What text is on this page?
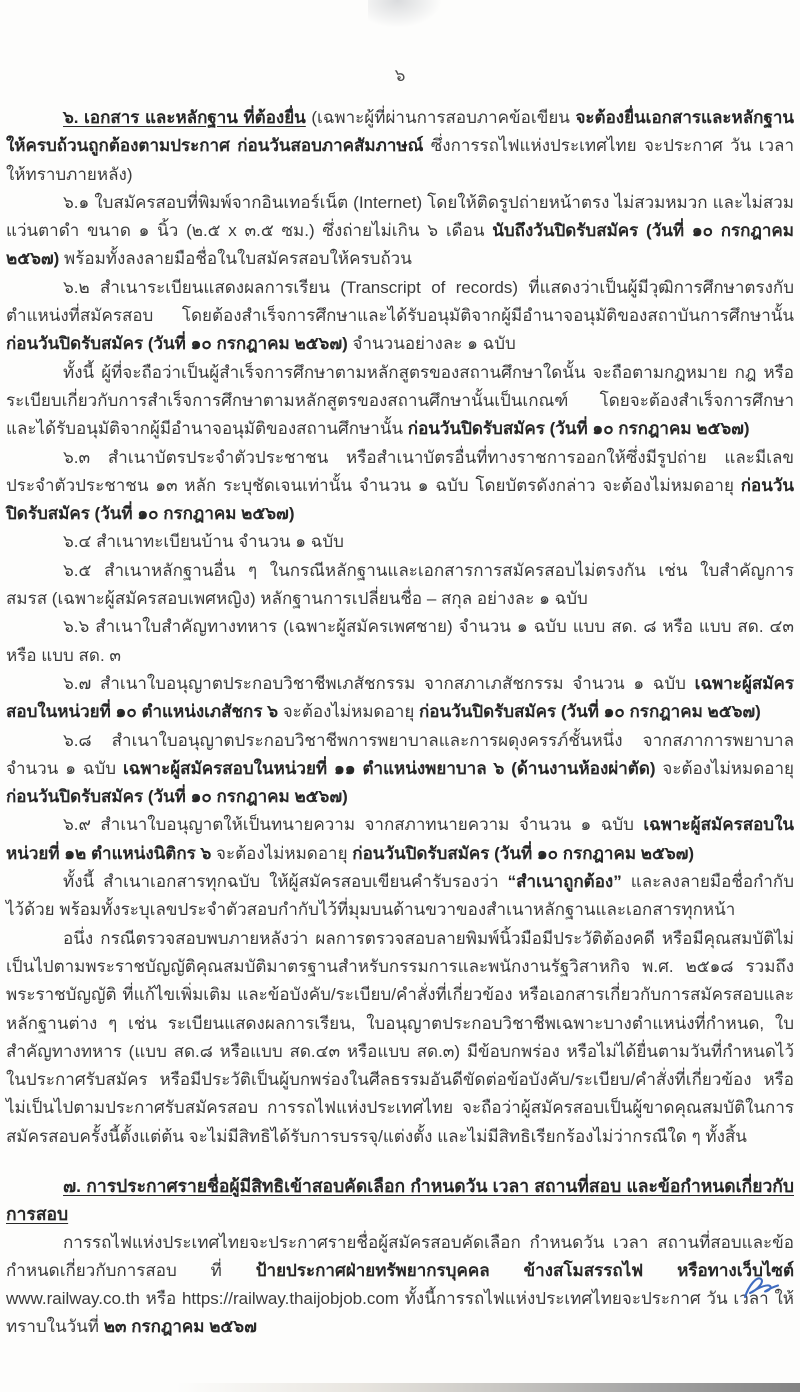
๖

๖. เอกสาร และหลักฐาน ที่ต้องยื่น (เฉพาะผู้ที่ผ่านการสอบภาคข้อเขียน จะต้องยื่นเอกสารและหลักฐานให้ครบถ้วนถูกต้องตามประกาศ ก่อนวันสอบภาคสัมภาษณ์ ซึ่งการรถไฟแห่งประเทศไทย จะประกาศ วัน เวลา ให้ทราบภายหลัง)

๖.๑ ใบสมัครสอบที่พิมพ์จากอินเทอร์เน็ต (Internet) โดยให้ติดรูปถ่ายหน้าตรง ไม่สวมหมวก และไม่สวมแว่นตาดำ ขนาด ๑ นิ้ว (๒.๕ x ๓.๕ ซม.) ซึ่งถ่ายไม่เกิน ๖ เดือน นับถึงวันปิดรับสมัคร (วันที่ ๑๐ กรกฎาคม ๒๕๖๗) พร้อมทั้งลงลายมือชื่อในใบสมัครสอบให้ครบถ้วน

๖.๒ สำเนาระเบียนแสดงผลการเรียน (Transcript of records) ที่แสดงว่าเป็นผู้มีวุฒิการศึกษาตรงกับตำแหน่งที่สมัครสอบ โดยต้องสำเร็จการศึกษาและได้รับอนุมัติจากผู้มีอำนาจอนุมัติของสถาบันการศึกษานั้น ก่อนวันปิดรับสมัคร (วันที่ ๑๐ กรกฎาคม ๒๕๖๗) จำนวนอย่างละ ๑ ฉบับ

ทั้งนี้ ผู้ที่จะถือว่าเป็นผู้สำเร็จการศึกษาตามหลักสูตรของสถานศึกษาใดนั้น จะถือตามกฎหมาย กฎ หรือระเบียบเกี่ยวกับการสำเร็จการศึกษาตามหลักสูตรของสถานศึกษานั้นเป็นเกณฑ์ โดยจะต้องสำเร็จการศึกษาและได้รับอนุมัติจากผู้มีอำนาจอนุมัติของสถานศึกษานั้น ก่อนวันปิดรับสมัคร (วันที่ ๑๐ กรกฎาคม ๒๕๖๗)

๖.๓ สำเนาบัตรประจำตัวประชาชน หรือสำเนาบัตรอื่นที่ทางราชการออกให้ซึ่งมีรูปถ่าย และมีเลขประจำตัวประชาชน ๑๓ หลัก ระบุชัดเจนเท่านั้น จำนวน ๑ ฉบับ โดยบัตรดังกล่าว จะต้องไม่หมดอายุ ก่อนวันปิดรับสมัคร (วันที่ ๑๐ กรกฎาคม ๒๕๖๗)

๖.๔ สำเนาทะเบียนบ้าน จำนวน ๑ ฉบับ

๖.๕ สำเนาหลักฐานอื่น ๆ ในกรณีหลักฐานและเอกสารการสมัครสอบไม่ตรงกัน เช่น ใบสำคัญการสมรส (เฉพาะผู้สมัครสอบเพศหญิง) หลักฐานการเปลี่ยนชื่อ – สกุล อย่างละ ๑ ฉบับ

๖.๖ สำเนาใบสำคัญทางทหาร (เฉพาะผู้สมัครเพศชาย) จำนวน ๑ ฉบับ แบบ สด. ๘ หรือ แบบ สด. ๔๓ หรือ แบบ สด. ๓

๖.๗ สำเนาใบอนุญาตประกอบวิชาชีพเภสัชกรรม จากสภาเภสัชกรรม จำนวน ๑ ฉบับ เฉพาะผู้สมัครสอบในหน่วยที่ ๑๐ ตำแหน่งเภสัชกร ๖ จะต้องไม่หมดอายุ ก่อนวันปิดรับสมัคร (วันที่ ๑๐ กรกฎาคม ๒๕๖๗)

๖.๘ สำเนาใบอนุญาตประกอบวิชาชีพการพยาบาลและการผดุงครรภ์ชั้นหนึ่ง จากสภาการพยาบาล จำนวน ๑ ฉบับ เฉพาะผู้สมัครสอบในหน่วยที่ ๑๑ ตำแหน่งพยาบาล ๖ (ด้านงานห้องผ่าตัด) จะต้องไม่หมดอายุ ก่อนวันปิดรับสมัคร (วันที่ ๑๐ กรกฎาคม ๒๕๖๗)

๖.๙ สำเนาใบอนุญาตให้เป็นทนายความ จากสภาทนายความ จำนวน ๑ ฉบับ เฉพาะผู้สมัครสอบในหน่วยที่ ๑๒ ตำแหน่งนิติกร ๖ จะต้องไม่หมดอายุ ก่อนวันปิดรับสมัคร (วันที่ ๑๐ กรกฎาคม ๒๕๖๗)

ทั้งนี้ สำเนาเอกสารทุกฉบับ ให้ผู้สมัครสอบเขียนคำรับรองว่า “สำเนาถูกต้อง” และลงลายมือชื่อกำกับไว้ด้วย พร้อมทั้งระบุเลขประจำตัวสอบกำกับไว้ที่มุมบนด้านขวาของสำเนาหลักฐานและเอกสารทุกหน้า

อนึ่ง กรณีตรวจสอบพบภายหลังว่า ผลการตรวจสอบลายพิมพ์นิ้วมือมีประวัติต้องคดี หรือมีคุณสมบัติไม่เป็นไปตามพระราชบัญญัติคุณสมบัติมาตรฐานสำหรับกรรมการและพนักงานรัฐวิสาหกิจ พ.ศ. ๒๕๑๘ รวมถึงพระราชบัญญัติ ที่แก้ไขเพิ่มเติม และข้อบังคับ/ระเบียบ/คำสั่งที่เกี่ยวข้อง หรือเอกสารเกี่ยวกับการสมัครสอบและหลักฐานต่าง ๆ เช่น ระเบียนแสดงผลการเรียน, ใบอนุญาตประกอบวิชาชีพเฉพาะบางตำแหน่งที่กำหนด, ใบสำคัญทางทหาร (แบบ สด.๘ หรือแบบ สด.๔๓ หรือแบบ สด.๓) มีข้อบกพร่อง หรือไม่ได้ยื่นตามวันที่กำหนดไว้ในประกาศรับสมัคร หรือมีประวัติเป็นผู้บกพร่องในศีลธรรมอันดีขัดต่อข้อบังคับ/ระเบียบ/คำสั่งที่เกี่ยวข้อง หรือไม่เป็นไปตามประกาศรับสมัครสอบ การรถไฟแห่งประเทศไทย จะถือว่าผู้สมัครสอบเป็นผู้ขาดคุณสมบัติในการสมัครสอบครั้งนี้ตั้งแต่ต้น จะไม่มีสิทธิได้รับการบรรจุ/แต่งตั้ง และไม่มีสิทธิเรียกร้องไม่ว่ากรณีใด ๆ ทั้งสิ้น

๗. การประกาศรายชื่อผู้มีสิทธิเข้าสอบคัดเลือก กำหนดวัน เวลา สถานที่สอบ และข้อกำหนดเกี่ยวกับการสอบ

การรถไฟแห่งประเทศไทยจะประกาศรายชื่อผู้สมัครสอบคัดเลือก กำหนดวัน เวลา สถานที่สอบและข้อกำหนดเกี่ยวกับการสอบ ที่ ป้ายประกาศฝ่ายทรัพยากรบุคคล ข้างสโมสรรถไฟ หรือทางเว็บไซต์ www.railway.co.th หรือ https://railway.thaijobjob.com ทั้งนี้การรถไฟแห่งประเทศไทยจะประกาศ วัน เวลา ให้ทราบในวันที่ ๒๓ กรกฎาคม ๒๕๖๗
